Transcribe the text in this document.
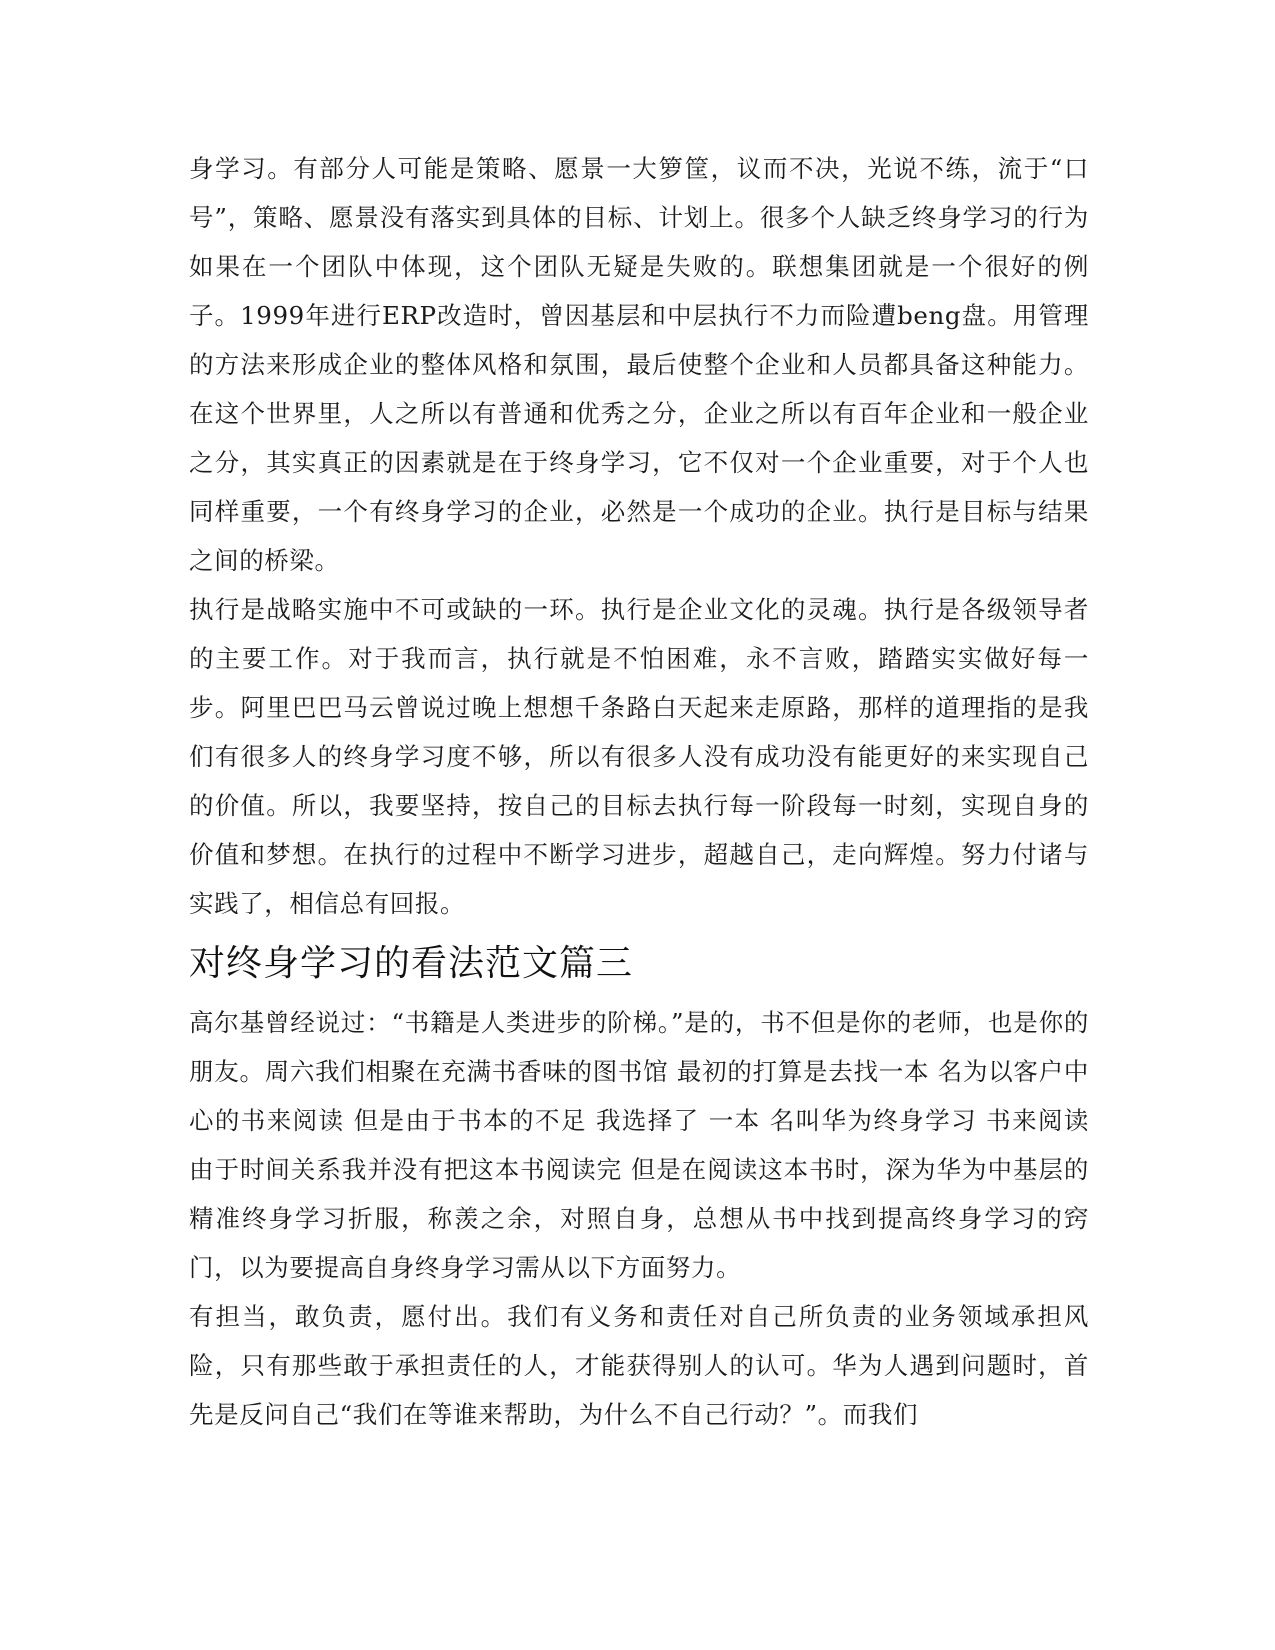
身学习。有部分人可能是策略、愿景一大箩筐，议而不决，光说不练，流于“口号”，策略、愿景没有落实到具体的目标、计划上。很多个人缺乏终身学习的行为如果在一个团队中体现，这个团队无疑是失败的。联想集团就是一个很好的例子。1999年进行ERP改造时，曾因基层和中层执行不力而险遭beng盘。用管理的方法来形成企业的整体风格和氛围，最后使整个企业和人员都具备这种能力。在这个世界里，人之所以有普通和优秀之分，企业之所以有百年企业和一般企业之分，其实真正的因素就是在于终身学习，它不仅对一个企业重要，对于个人也同样重要，一个有终身学习的企业，必然是一个成功的企业。执行是目标与结果之间的桥梁。

执行是战略实施中不可或缺的一环。执行是企业文化的灵魂。执行是各级领导者的主要工作。对于我而言，执行就是不怕困难，永不言败，踏踏实实做好每一步。阿里巴巴马云曾说过晚上想想千条路白天起来走原路，那样的道理指的是我们有很多人的终身学习度不够，所以有很多人没有成功没有能更好的来实现自己的价值。所以，我要坚持，按自己的目标去执行每一阶段每一时刻，实现自身的价值和梦想。在执行的过程中不断学习进步，超越自己，走向辉煌。努力付诸与实践了，相信总有回报。

对终身学习的看法范文篇三

高尔基曾经说过：“书籍是人类进步的阶梯。”是的，书不但是你的老师，也是你的朋友。周六我们相聚在充满书香味的图书馆 最初的打算是去找一本 名为以客户中心的书来阅读 但是由于书本的不足 我选择了 一本 名叫华为终身学习 书来阅读 由于时间关系我并没有把这本书阅读完 但是在阅读这本书时，深为华为中基层的精准终身学习折服，称羡之余，对照自身，总想从书中找到提高终身学习的窍门，以为要提高自身终身学习需从以下方面努力。

有担当，敢负责，愿付出。我们有义务和责任对自己所负责的业务领域承担风险，只有那些敢于承担责任的人，才能获得别人的认可。华为人遇到问题时，首先是反问自己“我们在等谁来帮助，为什么不自己行动？”。而我们
